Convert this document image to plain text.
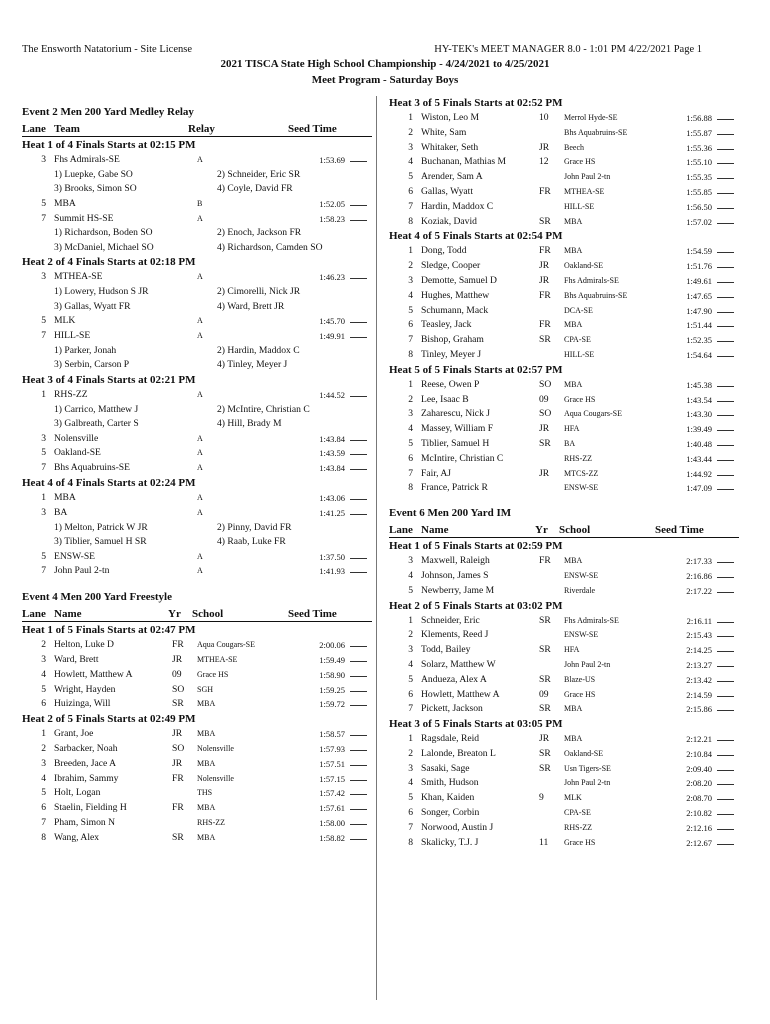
The Ensworth Natatorium - Site License	HY-TEK's MEET MANAGER 8.0 - 1:01 PM 4/22/2021 Page 1
2021 TISCA State High School Championship - 4/24/2021 to 4/25/2021
Meet Program - Saturday Boys
Event 2 Men 200 Yard Medley Relay
Lane Team	Relay	Seed Time
Heat 1 of 4 Finals Starts at 02:15 PM
3 Fhs Admirals-SE	A	1:53.69
1) Luepke, Gabe SO	2) Schneider, Eric SR
3) Brooks, Simon SO	4) Coyle, David FR
5 MBA	B	1:52.05
7 Summit HS-SE	A	1:58.23
1) Richardson, Boden SO	2) Enoch, Jackson FR
3) McDaniel, Michael SO	4) Richardson, Camden SO
Heat 2 of 4 Finals Starts at 02:18 PM
3 MTHEA-SE	A	1:46.23
1) Lowery, Hudson S JR	2) Cimorelli, Nick JR
3) Gallas, Wyatt FR	4) Ward, Brett JR
5 MLK	A	1:45.70
7 HILL-SE	A	1:49.91
1) Parker, Jonah	2) Hardin, Maddox C
3) Serbin, Carson P	4) Tinley, Meyer J
Heat 3 of 4 Finals Starts at 02:21 PM
1 RHS-ZZ	A	1:44.52
1) Carrico, Matthew J	2) McIntire, Christian C
3) Galbreath, Carter S	4) Hill, Brady M
3 Nolensville	A	1:43.84
5 Oakland-SE	A	1:43.59
7 Bhs Aquabruins-SE	A	1:43.84
Heat 4 of 4 Finals Starts at 02:24 PM
1 MBA	A	1:43.06
3 BA	A	1:41.25
1) Melton, Patrick W JR	2) Pinny, David FR
3) Tiblier, Samuel H SR	4) Raab, Luke FR
5 ENSW-SE	A	1:37.50
7 John Paul 2-tn	A	1:41.93
Event 4 Men 200 Yard Freestyle
Lane Name	Yr School	Seed Time
Heat 1 of 5 Finals Starts at 02:47 PM
2 Helton, Luke D	FR Aqua Cougars-SE	2:00.06
3 Ward, Brett	JR MTHEA-SE	1:59.49
4 Howlett, Matthew A	09 Grace HS	1:58.90
5 Wright, Hayden	SO SGH	1:59.25
6 Huizinga, Will	SR MBA	1:59.72
Heat 2 of 5 Finals Starts at 02:49 PM
1 Grant, Joe	JR MBA	1:58.57
2 Sarbacker, Noah	SO Nolensville	1:57.93
3 Breeden, Jace A	JR MBA	1:57.51
4 Ibrahim, Sammy	FR Nolensville	1:57.15
5 Holt, Logan	THS	1:57.42
6 Staelin, Fielding H	FR MBA	1:57.61
7 Pham, Simon N	RHS-ZZ	1:58.00
8 Wang, Alex	SR MBA	1:58.82
Heat 3 of 5 Finals Starts at 02:52 PM
1 Wiston, Leo M	10 Merrol Hyde-SE	1:56.88
2 White, Sam	Bhs Aquabruins-SE	1:55.87
3 Whitaker, Seth	JR Beech	1:55.36
4 Buchanan, Mathias M	12 Grace HS	1:55.10
5 Arender, Sam A	John Paul 2-tn	1:55.35
6 Gallas, Wyatt	FR MTHEA-SE	1:55.85
7 Hardin, Maddox C	HILL-SE	1:56.50
8 Koziak, David	SR MBA	1:57.02
Heat 4 of 5 Finals Starts at 02:54 PM
1 Dong, Todd	FR MBA	1:54.59
2 Sledge, Cooper	JR Oakland-SE	1:51.76
3 Demotte, Samuel D	JR Fhs Admirals-SE	1:49.61
4 Hughes, Matthew	FR Bhs Aquabruins-SE	1:47.65
5 Schumann, Mack	DCA-SE	1:47.90
6 Teasley, Jack	FR MBA	1:51.44
7 Bishop, Graham	SR CPA-SE	1:52.35
8 Tinley, Meyer J	HILL-SE	1:54.64
Heat 5 of 5 Finals Starts at 02:57 PM
1 Reese, Owen P	SO MBA	1:45.38
2 Lee, Isaac B	09 Grace HS	1:43.54
3 Zaharescu, Nick J	SO Aqua Cougars-SE	1:43.30
4 Massey, William F	JR HFA	1:39.49
5 Tiblier, Samuel H	SR BA	1:40.48
6 McIntire, Christian C	RHS-ZZ	1:43.44
7 Fair, AJ	JR MTCS-ZZ	1:44.92
8 France, Patrick R	ENSW-SE	1:47.09
Event 6 Men 200 Yard IM
Lane Name	Yr School	Seed Time
Heat 1 of 5 Finals Starts at 02:59 PM
3 Maxwell, Raleigh	FR MBA	2:17.33
4 Johnson, James S	ENSW-SE	2:16.86
5 Newberry, Jame M	Riverdale	2:17.22
Heat 2 of 5 Finals Starts at 03:02 PM
1 Schneider, Eric	SR Fhs Admirals-SE	2:16.11
2 Klements, Reed J	ENSW-SE	2:15.43
3 Todd, Bailey	SR HFA	2:14.25
4 Solarz, Matthew W	John Paul 2-tn	2:13.27
5 Andueza, Alex A	SR Blaze-US	2:13.42
6 Howlett, Matthew A	09 Grace HS	2:14.59
7 Pickett, Jackson	SR MBA	2:15.86
Heat 3 of 5 Finals Starts at 03:05 PM
1 Ragsdale, Reid	JR MBA	2:12.21
2 Lalonde, Breaton L	SR Oakland-SE	2:10.84
3 Sasaki, Sage	SR Usn Tigers-SE	2:09.40
4 Smith, Hudson	John Paul 2-tn	2:08.20
5 Khan, Kaiden	9	MLK	2:08.70
6 Songer, Corbin	CPA-SE	2:10.82
7 Norwood, Austin J	RHS-ZZ	2:12.16
8 Skalicky, T.J. J	11 Grace HS	2:12.67
